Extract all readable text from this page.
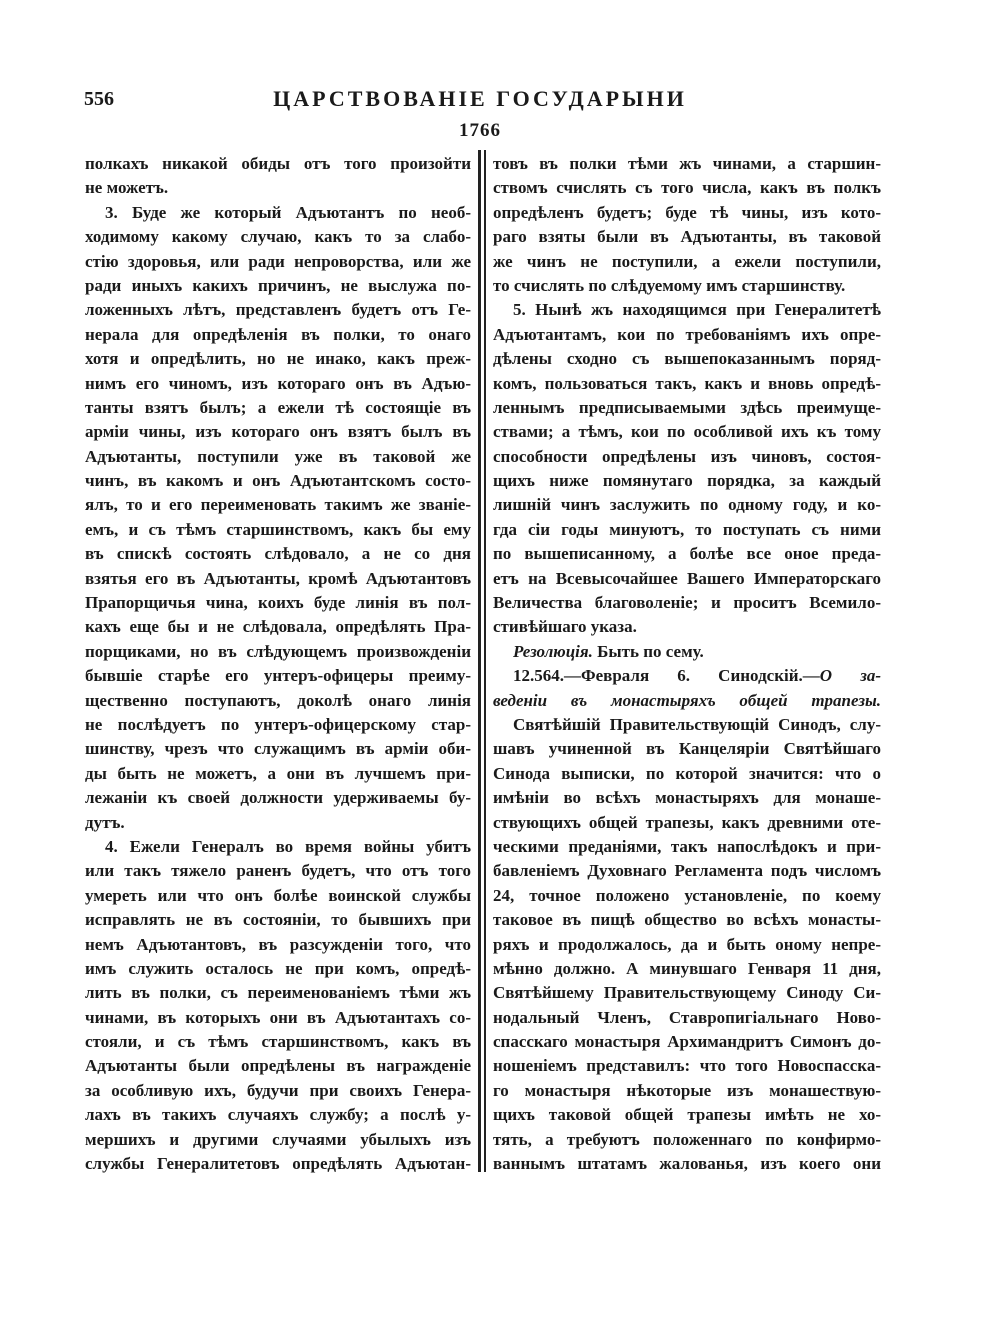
556	ЦАРСТВОВАНІЕ ГОСУДАРЫНИ
1766
полкахъ никакой обиды отъ того произойти
не можетъ.
3. Буде же который Адъютантъ по необ-
ходимому какому случаю, какъ то за слабо-
стію здоровья, или ради непроворства, или же
ради иныхъ какихъ причинъ, не выслужа по-
ложенныхъ лѣтъ, представленъ будетъ отъ Ге-
нерала для опредѣленія въ полки, то онаго
хотя и опредѣлить, но не инако, какъ преж-
нимъ его чиномъ, изъ котораго онъ въ Адъю-
танты взятъ былъ; а ежели тѣ состоящіе въ
арміи чины, изъ котораго онъ взятъ былъ въ
Адъютанты, поступили уже въ таковой же
чинъ, въ какомъ и онъ Адъютантскомъ состо-
ялъ, то и его переименовать такимъ же званіе-
емъ, и съ тѣмъ старшинствомъ, какъ бы ему
въ спискѣ состоять слѣдовало, а не со дня
взятья его въ Адъютанты, кромѣ Адъютантовъ
Прапорщичья чина, коихъ буде линія въ пол-
кахъ еще бы и не слѣдовала, опредѣлять Пра-
порщиками, но въ слѣдующемъ произвожденіи
бывшіе старѣе его унтеръ-офицеры преиму-
щественно поступаютъ, доколѣ онаго линія
не послѣдуетъ по унтеръ-офицерскому стар-
шинству, чрезъ что служащимъ въ арміи оби-
ды быть не можетъ, а они въ лучшемъ при-
лежаніи къ своей должности удерживаемы бу-
дутъ.
4. Ежели Генералъ во время войны убитъ
или такъ тяжело раненъ будетъ, что отъ того
умереть или что онъ болѣе воинской службы
исправлять не въ состояніи, то бывшихъ при
немъ Адъютантовъ, въ разсужденіи того, что
имъ служить осталось не при комъ, опредѣ-
лить въ полки, съ переименованіемъ тѣми жъ
чинами, въ которыхъ они въ Адъютантахъ со-
стояли, и съ тѣмъ старшинствомъ, какъ въ
Адъютанты были опредѣлены въ награжденіе
за особливую ихъ, будучи при своихъ Генера-
лахъ въ такихъ случаяхъ службу; а послѣ у-
мершихъ и другими случаями убылыхъ изъ
службы Генералитетовъ опредѣлять Адъютан-
товъ въ полки тѣми жъ чинами, а старшин-
ствомъ счислять съ того числа, какъ въ полкъ
опредѣленъ будетъ; буде тѣ чины, изъ кото-
раго взяты были въ Адъютанты, въ таковой
же чинъ не поступили, а ежели поступили,
то счислять по слѣдуемому имъ старшинству.
5. Нынѣ жъ находящимся при Генералитетѣ
Адъютантамъ, кои по требованіямъ ихъ опре-
дѣлены сходно съ вышепоказаннымъ поряд-
комъ, пользоваться такъ, какъ и вновь опредѣ-
леннымъ предписываемыми здѣсь преимуще-
ствами; а тѣмъ, кои по особливой ихъ къ тому
способности опредѣлены изъ чиновъ, состоя-
щихъ ниже помянутаго порядка, за каждый
лишній чинъ заслужить по одному году, и ко-
гда сіи годы минуютъ, то поступать съ ними
по вышеписанному, а болѣе все оное преда-
етъ на Всевысочайшее Вашего Императорскаго
Величества благоволеніе; и проситъ Всемило-
стивѣйшаго указа.
Резолюція. Быть по сему.
12.564.—Февраля 6. Синодскій.—О за-
веденіи въ монастыряхъ общей трапезы.
Святѣйшій Правительствующій Синодъ, слу-
шавъ учиненной въ Канцеляріи Святѣйшаго
Синода выписки, по которой значится: что о
имѣніи во всѣхъ монастыряхъ для монаше-
ствующихъ общей трапезы, какъ древними оте-
ческими преданіями, такъ напослѣдокъ и при-
бавленіемъ Духовнаго Регламента подъ числомъ
24, точное положено установленіе, по коему
таковое въ пищѣ общество во всѣхъ монасты-
ряхъ и продолжалось, да и быть оному непре-
мѣнно должно. А минувшаго Генваря 11 дня,
Святѣйшему Правительствующему Синоду Си-
нодальный Членъ, Ставропигіальнаго Ново-
спасскаго монастыря Архимандритъ Симонъ до-
ношеніемъ представилъ: что того Новоспасска-
го монастыря нѣкоторые изъ монашествую-
щихъ таковой общей трапезы имѣть не хо-
тять, а требуютъ положеннаго по конфирмо-
ваннымъ штатамъ жалованья, изъ коего они
